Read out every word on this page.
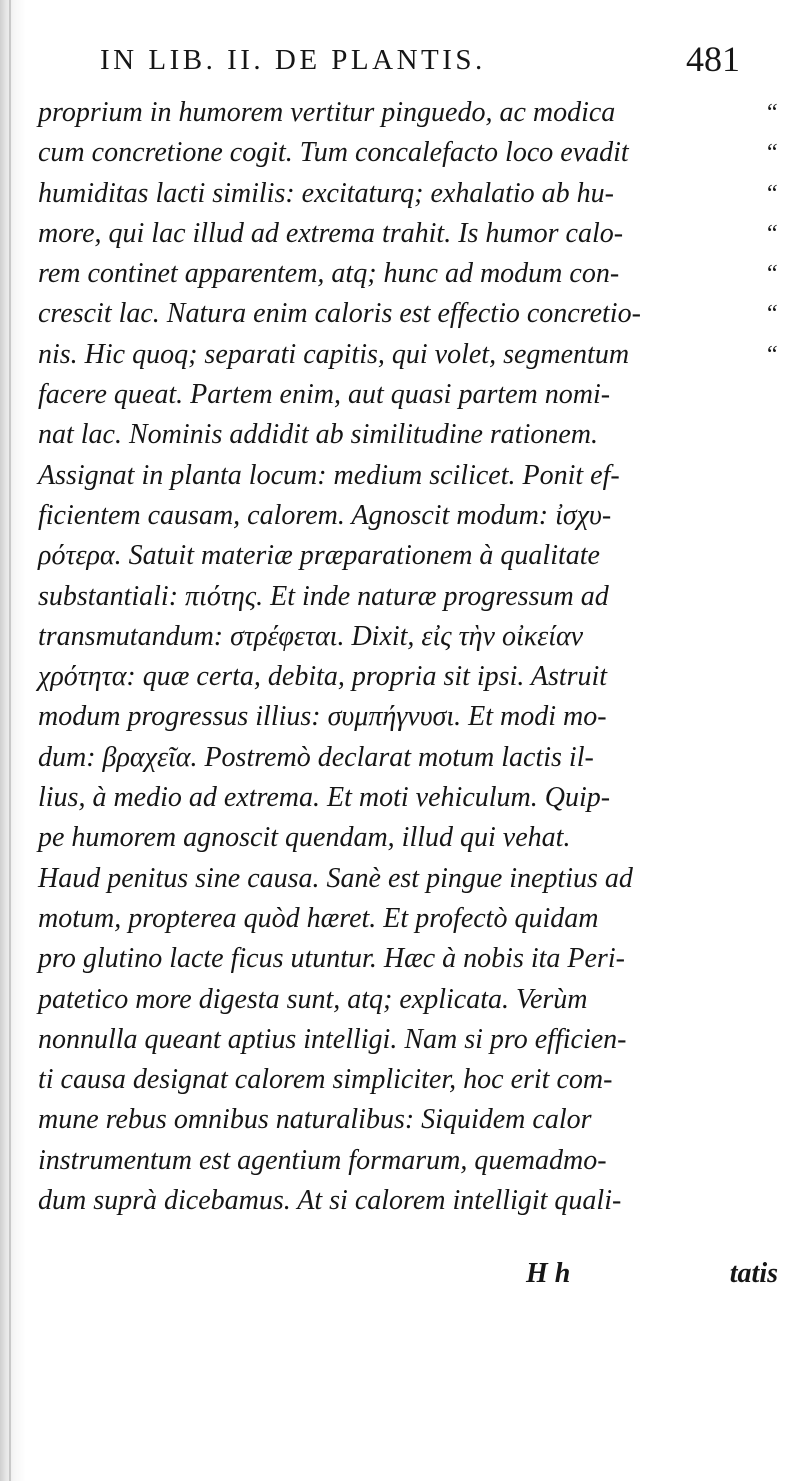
IN LIB. II. DE PLANTIS.	481
proprium in humorem vertitur pinguedo, ac modica	“
cum concretione cogit. Tum concalefacto loco evadit	“
humiditas lacti similis: excitaturq; exhalatio ab hu-	“
more, qui lac illud ad extrema trahit. Is humor calo-	“
rem continet apparentem, atq; hunc ad modum con-	“
crescit lac. Natura enim caloris est effectio concretio-	“
nis. Hic quoq; separati capitis, qui volet, segmentum	“
facere queat. Partem enim, aut quasi partem nomi-
nat lac. Nominis addidit ab similitudine rationem.
Assignat in planta locum: medium scilicet. Ponit ef-
ficientem causam, calorem. Agnoscit modum: ἰσχυ-
ρότερα. Satuit materiæ præparationem à qualitate
substantiali: πιότης. Et inde naturæ progressum ad
transmutandum: στρέφεται. Dixit, εἰς τὴν οἰκείαν
χρότητα: quæ certa, debita, propria sit ipsi. Astruit
modum progressus illius: συμπήγνυσι. Et modi mo-
dum: βραχεῖα. Postremò declarat motum lactis il-
lius, à medio ad extrema. Et moti vehiculum. Quip-
pe humorem agnoscit quendam, illud qui vehat.
Haud penitus sine causa. Sanè est pingue ineptius ad
motum, propterea quòd hæret. Et profectò quidam
pro glutino lacte ficus utuntur. Hæc à nobis ita Peri-
patetico more digesta sunt, atq; explicata. Verùm
nonnulla queant aptius intelligi. Nam si pro efficien-
ti causa designat calorem simpliciter, hoc erit com-
mune rebus omnibus naturalibus: Siquidem calor
instrumentum est agentium formarum, quemadmo-
dum suprà dicebamus. At si calorem intelligit quali-
H h	tatis
